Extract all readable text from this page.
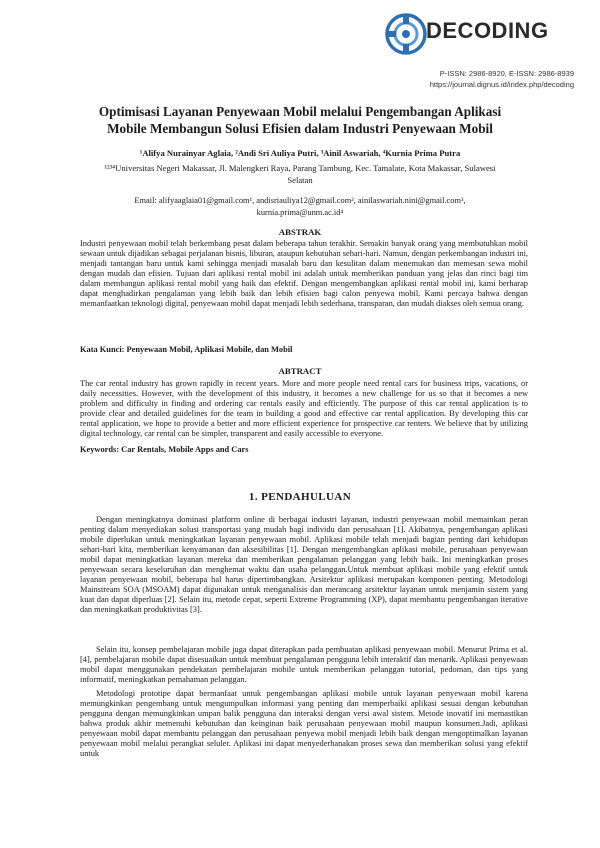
DECODING
P-ISSN: 2986-8920, E-ISSN: 2986-8939
https://journal.dignus.id/index.php/decoding
Optimisasi Layanan Penyewaan Mobil melalui Pengembangan Aplikasi
Mobile Membangun Solusi Efisien dalam Industri Penyewaan Mobil
¹Alifya Nurainyar Aglaia, ²Andi Sri Auliya Putri, ³Ainil Aswariah, ⁴Kurnia Prima Putra
¹²³⁴Universitas Negeri Makassar, Jl. Malengkeri Raya, Parang Tambung, Kec. Tamalate, Kota Makassar, Sulawesi Selatan
Email: alifyaaglaia01@gmail.com¹, andisriauliya12@gmail.com², ainilaswariah.nini@gmail.com³, kurnia.prima@unm.ac.id⁴
ABSTRAK

Industri penyewaan mobil telah berkembang pesat dalam beberapa tahun terakhir. Semakin banyak orang yang membutuhkan mobil sewaan untuk dijadikan sebagai perjalanan bisnis, liburan, ataupun kebutuhan sehari-hari. Namun, dengan perkembangan industri ini, menjadi tantangan baru untuk kami sehingga menjadi masalah baru dan kesulitan dalam menemukan dan memesan sewa mobil dengan mudah dan efisien. Tujuan dari aplikasi rental mobil ini adalah untuk memberikan panduan yang jelas dan rinci bagi tim dalam membangun aplikasi rental mobil yang baik dan efektif. Dengan mengembangkan aplikasi rental mobil ini, kami berharap dapat menghadirkan pengalaman yang lebih baik dan lebih efisien bagi calon penyewa mobil. Kami percaya bahwa dengan memanfaatkan teknologi digital, penyewaan mobil dapat menjadi lebih sederhana, transparan, dan mudah diakses oleh semua orang.

Kata Kunci: Penyewaan Mobil, Aplikasi Mobile, dan Mobil
ABTRACT

The car rental industry has grown rapidly in recent years. More and more people need rental cars for business trips, vacations, or daily necessities. However, with the development of this industry, it becomes a new challenge for us so that it becomes a new problem and difficulty in finding and ordering car rentals easily and efficiently. The purpose of this car rental application is to provide clear and detailed guidelines for the team in building a good and effective car rental application. By developing this car rental application, we hope to provide a better and more efficient experience for prospective car renters. We believe that by utilizing digital technology, car rental can be simpler, transparent and easily accessible to everyone.

Keywords: Car Rentals, Mobile Apps and Cars
1. PENDAHULUAN

Dengan meningkatnya dominasi platform online di berbagai industri layanan, industri penyewaan mobil memainkan peran penting dalam menyediakan solusi transportasi yang mudah bagi individu dan perusahaan [1]. Akibatnya, pengembangan aplikasi mobile diperlukan untuk meningkatkan layanan penyewaan mobil. Aplikasi mobile telah menjadi bagian penting dari kehidupan sehari-hari kita, memberikan kenyamanan dan aksesibilitas [1]. Dengan mengembangkan aplikasi mobile, perusahaan penyewaan mobil dapat meningkatkan layanan mereka dan memberikan pengalaman pelanggan yang lebih baik. Ini meningkatkan proses penyewaan secara keseluruhan dan menghemat waktu dan usaha pelanggan.Untuk membuat aplikasi mobile yang efektif untuk layanan penyewaan mobil, beberapa hal harus dipertimbangkan. Arsitektur aplikasi merupakan komponen penting. Metodologi Mainstream SOA (MSOAM) dapat digunakan untuk menganalisis dan merancang arsitektur layanan untuk menjamin sistem yang kuat dan dapat diperluas [2]. Selain itu, metode cepat, seperti Extreme Programming (XP), dapat membantu pengembangan iterative dan meningkatkan produktivitas [3].

Selain itu, konsep pembelajaran mobile juga dapat diterapkan pada pembuatan aplikasi penyewaan mobil. Menurut Prima et al. [4], pembelajaran mobile dapat disesuaikan untuk membuat pengalaman pengguna lebih interaktif dan menarik. Aplikasi penyewaan mobil dapat menggunakan pendekatan pembelajaran mobile untuk memberikan pelanggan tutorial, pedoman, dan tips yang informatif, meningkatkan pemahaman pelanggan.

Metodologi prototipe dapat bermanfaat untuk pengembangan aplikasi mobile untuk layanan penyewaan mobil karena memungkinkan pengembang untuk mengumpulkan informasi yang penting dan memperbaiki aplikasi sesuai dengan kebutuhan pengguna dengan memungkinkan umpan balik pengguna dan interaksi dengan versi awal sistem. Metode inovatif ini memastikan bahwa produk akhir memenuhi kebutuhan dan keinginan baik perusahaan penyewaan mobil maupun konsumen.Jadi, aplikasi penyewaan mobil dapat membantu pelanggan dan perusahaan penyewa mobil menjadi lebih baik dengan mengoptimalkan layanan penyewaan mobil melalui perangkat seluler. Aplikasi ini dapat menyederhanakan proses sewa dan memberikan solusi yang efektif untuk
